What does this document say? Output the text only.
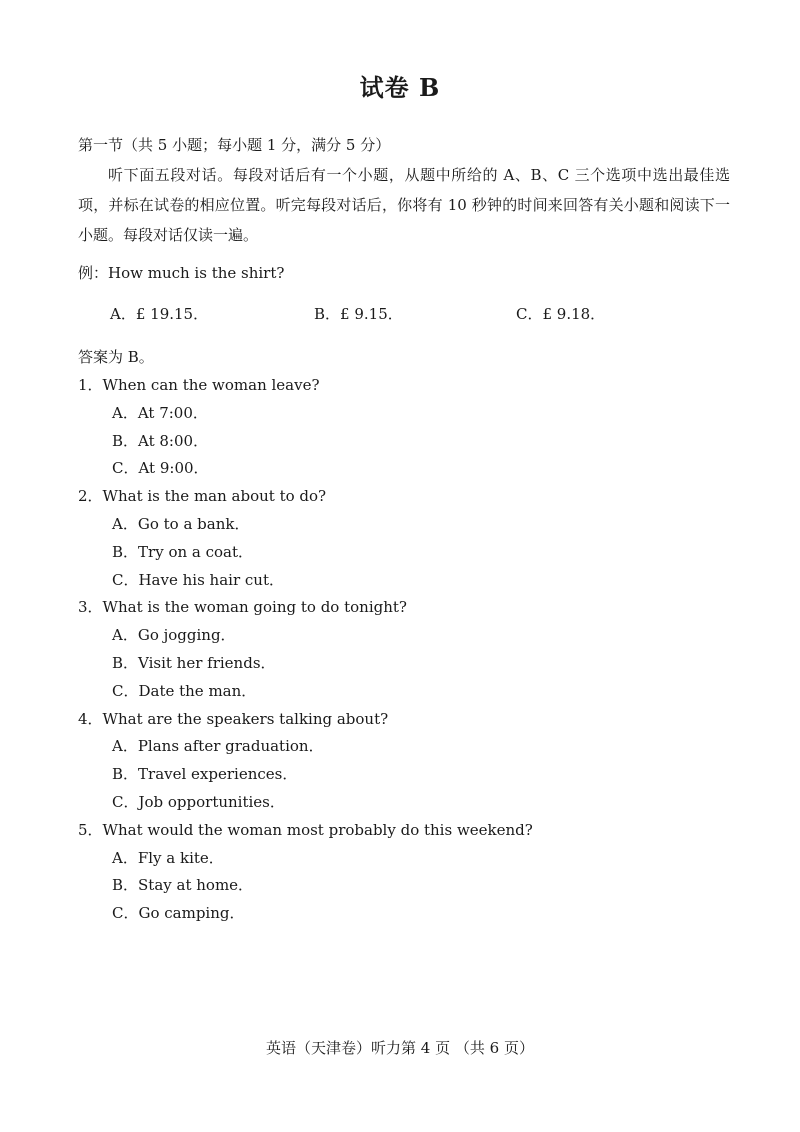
试卷 B
第一节（共 5 小题；每小题 1 分，满分 5 分）
听下面五段对话。每段对话后有一个小题，从题中所给的 A、B、C 三个选项中选出最佳选项，并标在试卷的相应位置。听完每段对话后，你将有 10 秒钟的时间来回答有关小题和阅读下一小题。每段对话仅读一遍。
例：How much is the shirt?
A．£ 19.15．	B．£ 9.15．	C．£ 9.18．
答案为 B。
1．When can the woman leave?
A．At 7:00．
B．At 8:00．
C．At 9:00．
2．What is the man about to do?
A．Go to a bank．
B．Try on a coat．
C．Have his hair cut．
3．What is the woman going to do tonight?
A．Go jogging．
B．Visit her friends．
C．Date the man．
4．What are the speakers talking about?
A．Plans after graduation．
B．Travel experiences．
C．Job opportunities．
5．What would the woman most probably do this weekend?
A．Fly a kite．
B．Stay at home．
C．Go camping．
英语（天津卷）听力第 4 页 （共 6 页）
